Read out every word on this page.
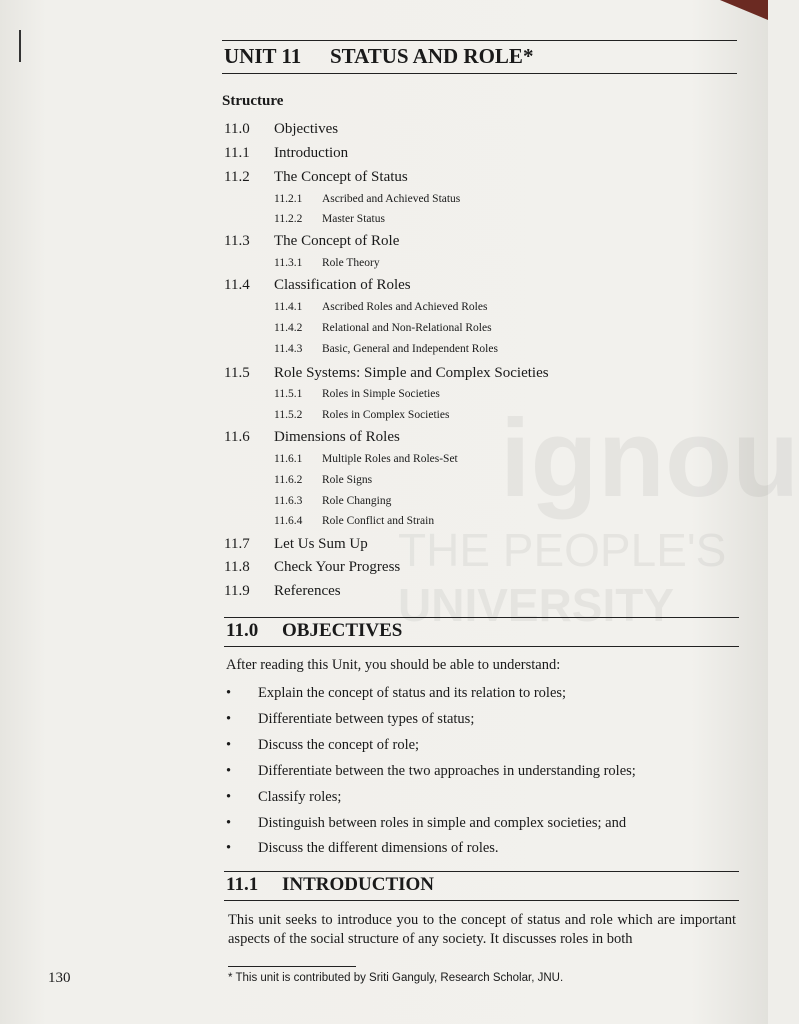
ignou
THE PEOPLE'S
UNIVERSITY
UNIT 11 STATUS AND ROLE*
Structure
11.0 Objectives
11.1 Introduction
11.2 The Concept of Status
11.2.1 Ascribed and Achieved Status
11.2.2 Master Status
11.3 The Concept of Role
11.3.1 Role Theory
11.4 Classification of Roles
11.4.1 Ascribed Roles and Achieved Roles
11.4.2 Relational and Non-Relational Roles
11.4.3 Basic, General and Independent Roles
11.5 Role Systems: Simple and Complex Societies
11.5.1 Roles in Simple Societies
11.5.2 Roles in Complex Societies
11.6 Dimensions of Roles
11.6.1 Multiple Roles and Roles-Set
11.6.2 Role Signs
11.6.3 Role Changing
11.6.4 Role Conflict and Strain
11.7 Let Us Sum Up
11.8 Check Your Progress
11.9 References
11.0 OBJECTIVES
After reading this Unit, you should be able to understand:
• Explain the concept of status and its relation to roles;
• Differentiate between types of status;
• Discuss the concept of role;
• Differentiate between the two approaches in understanding roles;
• Classify roles;
• Distinguish between roles in simple and complex societies; and
• Discuss the different dimensions of roles.
11.1 INTRODUCTION
This unit seeks to introduce you to the concept of status and role which are important aspects of the social structure of any society. It discusses roles in both
130	* This unit is contributed by Sriti Ganguly, Research Scholar, JNU.
